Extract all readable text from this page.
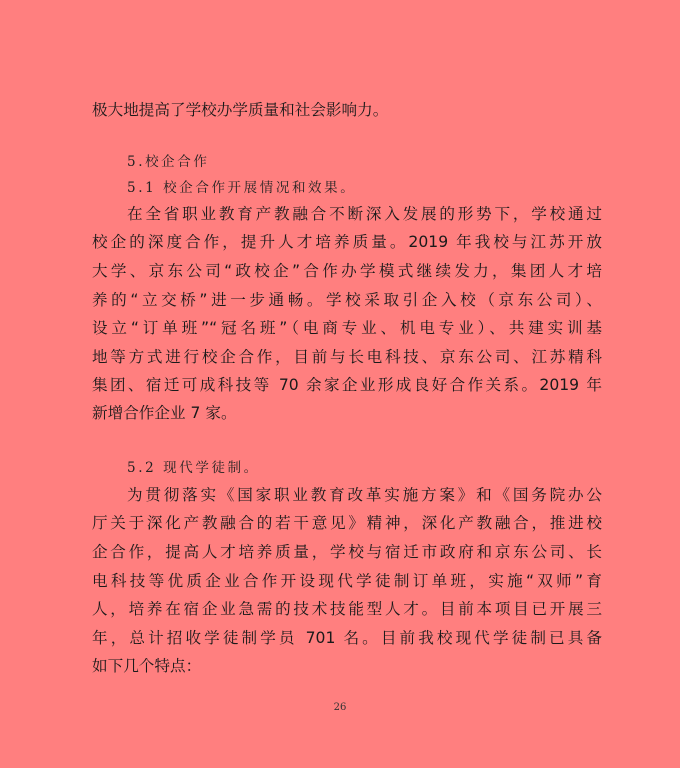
极大地提高了学校办学质量和社会影响力。
5.校企合作
5.1 校企合作开展情况和效果。
在全省职业教育产教融合不断深入发展的形势下，学校通过
校企的深度合作，提升人才培养质量。2019 年我校与江苏开放
大学、京东公司“政校企”合作办学模式继续发力，集团人才培
养的“立交桥”进一步通畅。学校采取引企入校（京东公司）、
设立“订单班”“冠名班”（电商专业、机电专业）、共建实训基
地等方式进行校企合作，目前与长电科技、京东公司、江苏精科
集团、宿迁可成科技等 70 余家企业形成良好合作关系。2019 年
新增合作企业 7 家。
5.2 现代学徒制。
为贯彻落实《国家职业教育改革实施方案》和《国务院办公
厅关于深化产教融合的若干意见》精神，深化产教融合，推进校
企合作，提高人才培养质量，学校与宿迁市政府和京东公司、长
电科技等优质企业合作开设现代学徒制订单班，实施“双师”育
人，培养在宿企业急需的技术技能型人才。目前本项目已开展三
年，总计招收学徒制学员 701 名。目前我校现代学徒制已具备
如下几个特点：
26
